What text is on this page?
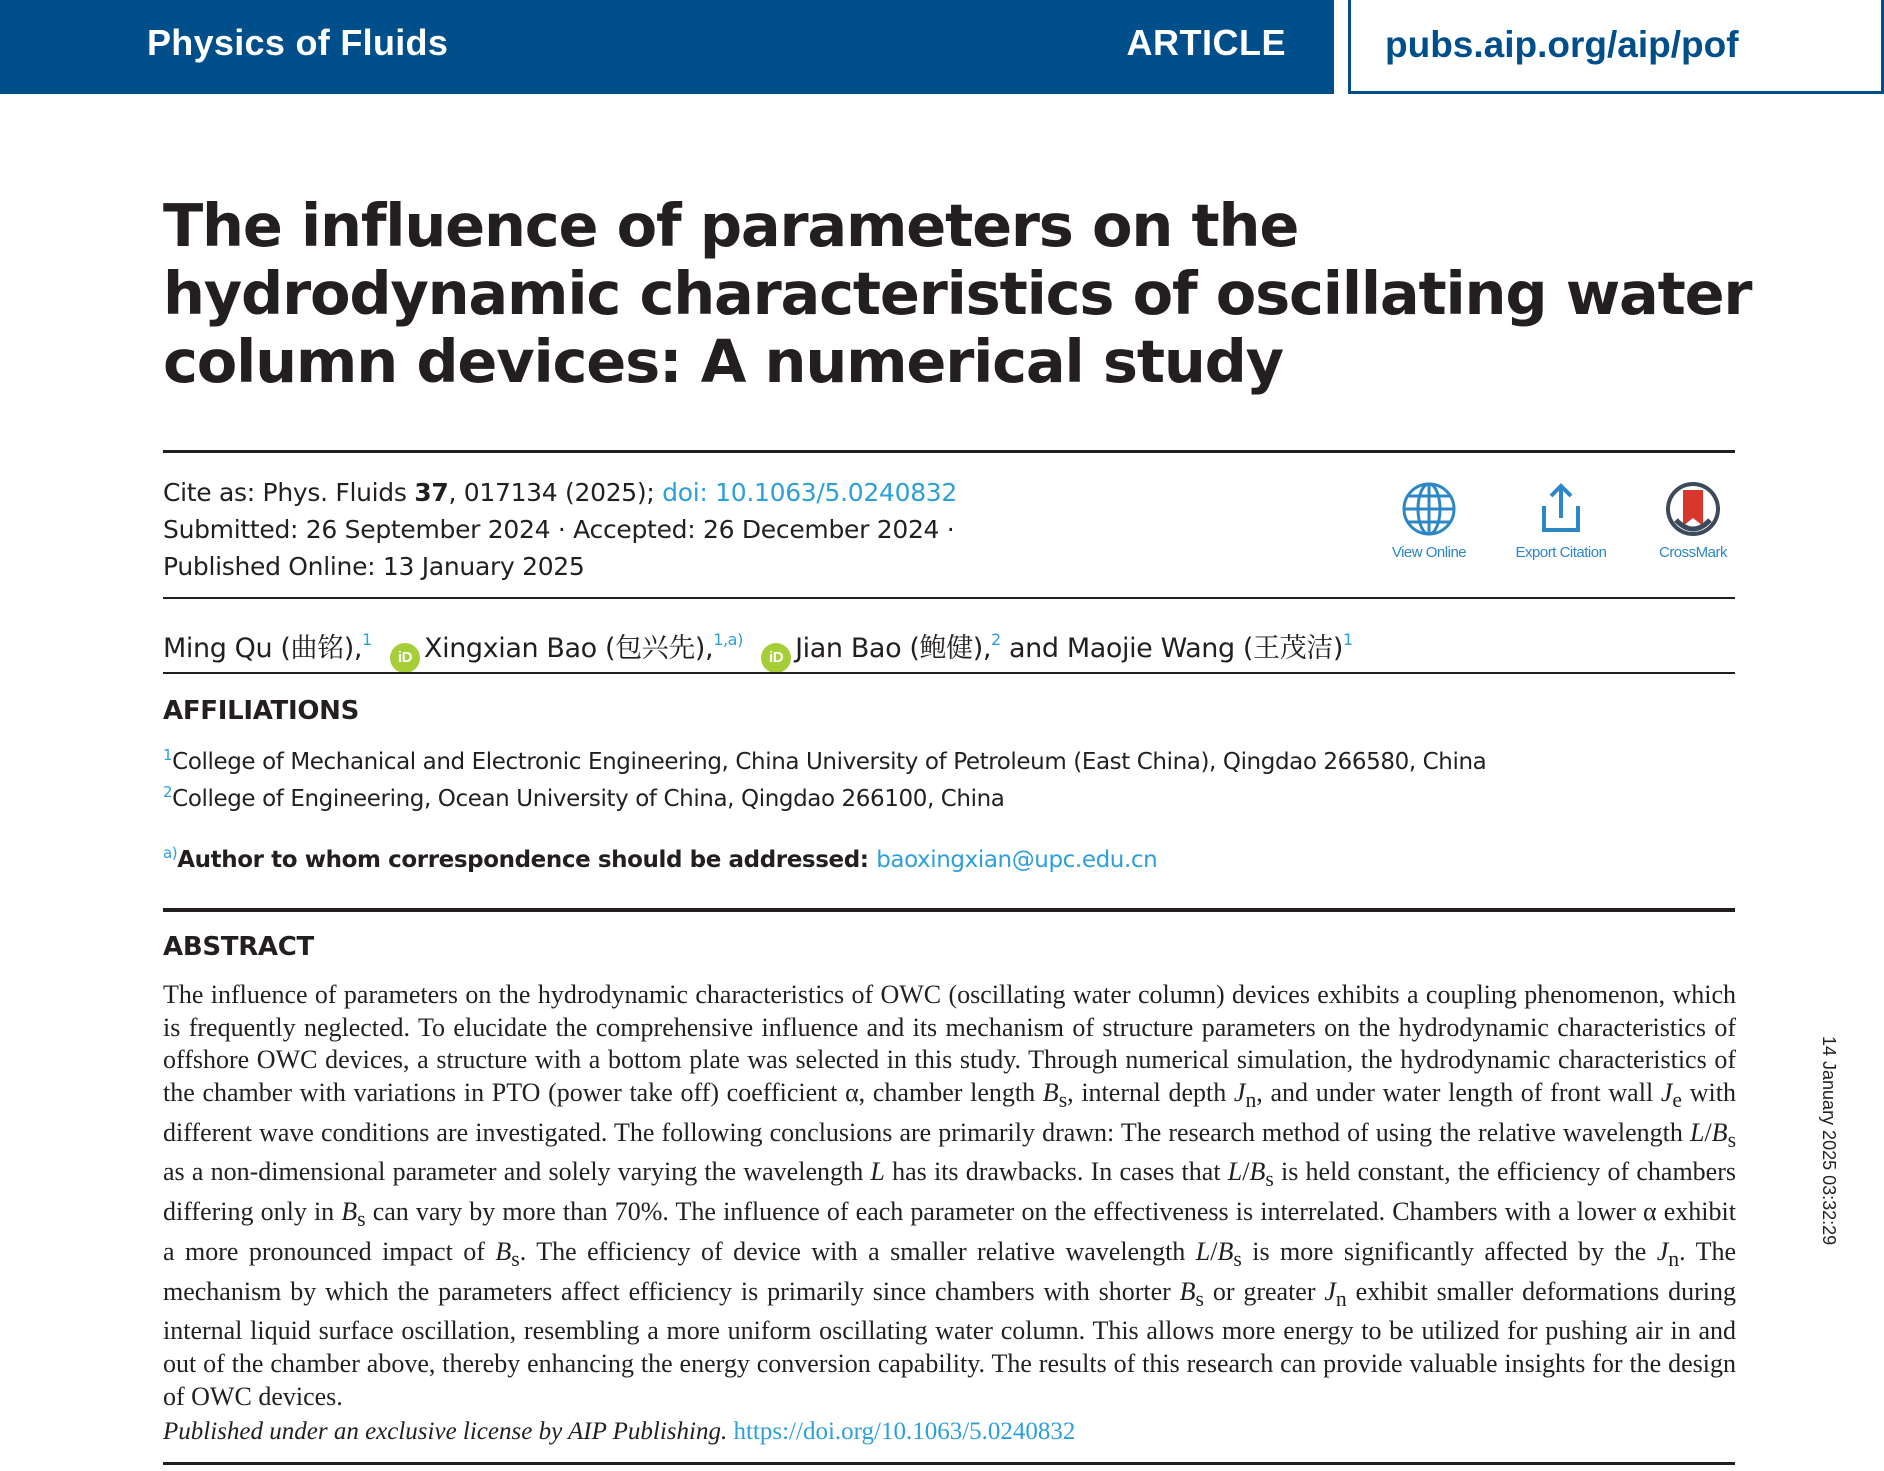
Physics of Fluids	ARTICLE	pubs.aip.org/aip/pof
The influence of parameters on the hydrodynamic characteristics of oscillating water column devices: A numerical study
Cite as: Phys. Fluids 37, 017134 (2025); doi: 10.1063/5.0240832
Submitted: 26 September 2024 · Accepted: 26 December 2024 ·
Published Online: 13 January 2025	View Online	Export Citation	CrossMark
Ming Qu (曲铭),$^1$ iD Xingxian Bao (包兴先),$^{1,a)}$ iD Jian Bao (鲍健),$^2$ and Maojie Wang (王茂洁)$^1$
AFFILIATIONS
$^1$College of Mechanical and Electronic Engineering, China University of Petroleum (East China), Qingdao 266580, China
$^2$College of Engineering, Ocean University of China, Qingdao 266100, China
$^{a)}$Author to whom correspondence should be addressed: baoxingxian@upc.edu.cn
ABSTRACT

The influence of parameters on the hydrodynamic characteristics of OWC (oscillating water column) devices exhibits a coupling phenomenon, which is frequently neglected. To elucidate the comprehensive influence and its mechanism of structure parameters on the hydrodynamic characteristics of offshore OWC devices, a structure with a bottom plate was selected in this study. Through numerical simulation, the hydrodynamic characteristics of the chamber with variations in PTO (power take off) coefficient α, chamber length $B_s$, internal depth $J_n$, and under water length of front wall $J_e$ with different wave conditions are investigated. The following conclusions are primarily drawn: The research method of using the relative wavelength $L/B_s$ as a non-dimensional parameter and solely varying the wavelength L has its drawbacks. In cases that $L/B_s$ is held constant, the efficiency of chambers differing only in $B_s$ can vary by more than 70%. The influence of each parameter on the effectiveness is interrelated. Chambers with a lower α exhibit a more pronounced impact of $B_s$. The efficiency of device with a smaller relative wavelength $L/B_s$ is more significantly affected by the $J_n$. The mechanism by which the parameters affect efficiency is primarily since chambers with shorter $B_s$ or greater $J_n$ exhibit smaller deformations during internal liquid surface oscillation, resembling a more uniform oscillating water column. This allows more energy to be utilized for pushing air in and out of the chamber above, thereby enhancing the energy conversion capability. The results of this research can provide valuable insights for the design of OWC devices.

Published under an exclusive license by AIP Publishing. https://doi.org/10.1063/5.0240832
14 January 2025 03:32:29
